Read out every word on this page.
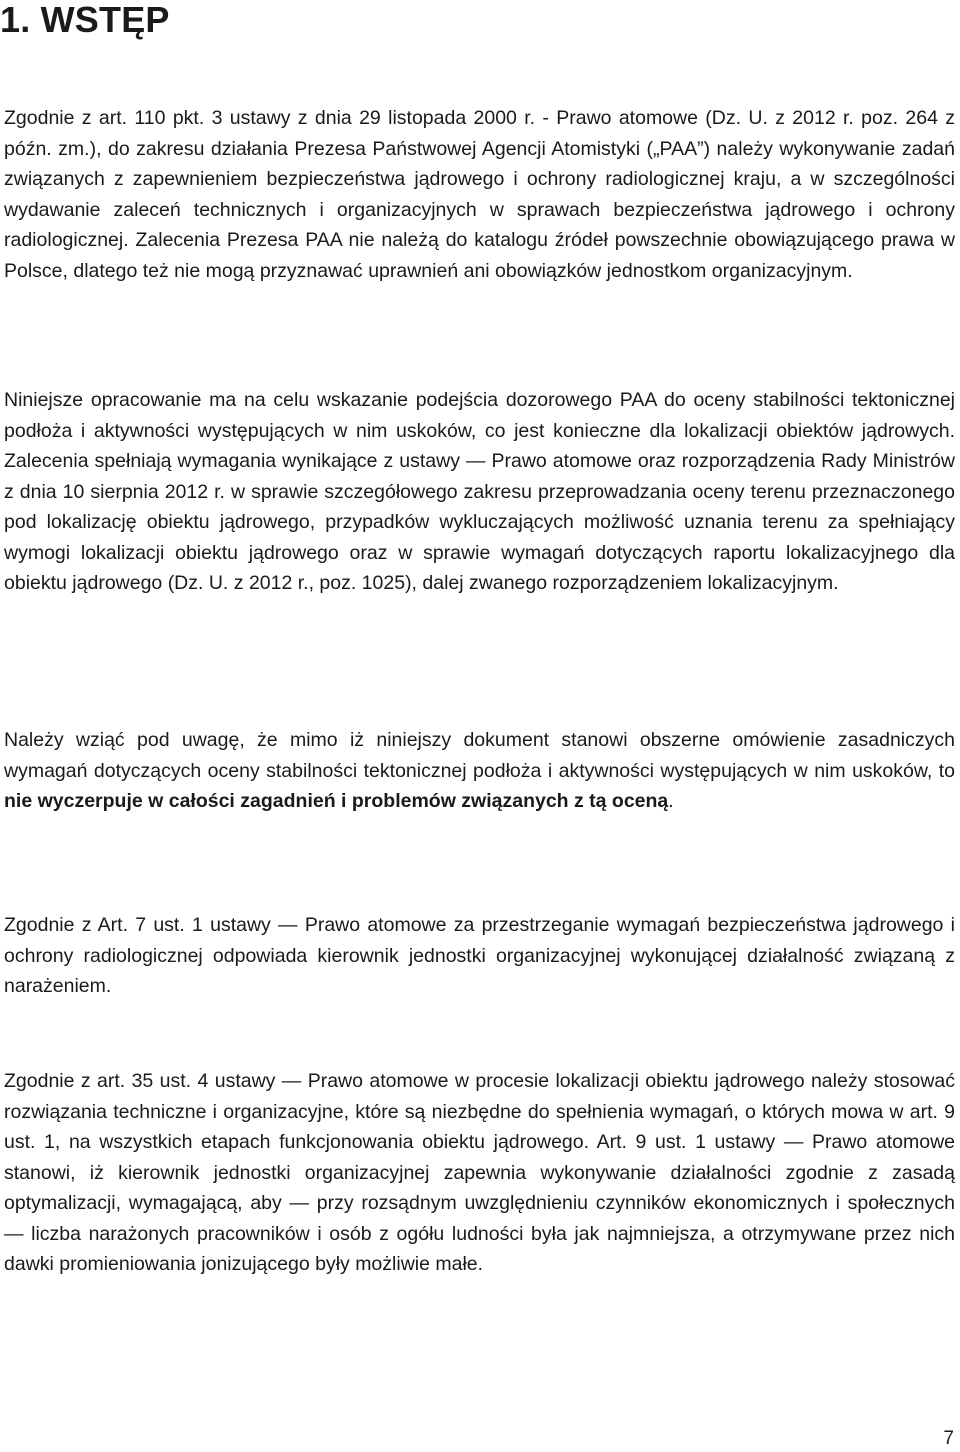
1. WSTĘP

Zgodnie z art. 110 pkt. 3 ustawy z dnia 29 listopada 2000 r. - Prawo atomowe (Dz. U. z 2012 r. poz. 264 z późn. zm.), do zakresu działania Prezesa Państwowej Agencji Atomistyki („PAA”) należy wykonywanie zadań związanych z zapewnieniem bezpieczeństwa jądrowego i ochrony radiologicznej kraju, a w szczególności wydawanie zaleceń technicznych i organizacyjnych w sprawach bezpieczeństwa jądrowego i ochrony radiologicznej. Zalecenia Prezesa PAA nie należą do katalogu źródeł powszechnie obowiązującego prawa w Polsce, dlatego też nie mogą przyznawać uprawnień ani obowiązków jednostkom organizacyjnym.

Niniejsze opracowanie ma na celu wskazanie podejścia dozorowego PAA do oceny stabilności tektonicznej podłoża i aktywności występujących w nim uskoków, co jest konieczne dla lokalizacji obiektów jądrowych. Zalecenia spełniają wymagania wynikające z ustawy — Prawo atomowe oraz rozporządzenia Rady Ministrów z dnia 10 sierpnia 2012 r. w sprawie szczegółowego zakresu przeprowadzania oceny terenu przeznaczonego pod lokalizację obiektu jądrowego, przypadków wykluczających możliwość uznania terenu za spełniający wymogi lokalizacji obiektu jądrowego oraz w sprawie wymagań dotyczących raportu lokalizacyjnego dla obiektu jądrowego (Dz. U. z 2012 r., poz. 1025), dalej zwanego rozporządzeniem lokalizacyjnym.

Należy wziąć pod uwagę, że mimo iż niniejszy dokument stanowi obszerne omówienie zasadniczych wymagań dotyczących oceny stabilności tektonicznej podłoża i aktywności występujących w nim uskoków, to nie wyczerpuje w całości zagadnień i problemów związanych z tą oceną.

Zgodnie z Art. 7 ust. 1 ustawy — Prawo atomowe za przestrzeganie wymagań bezpieczeństwa jądrowego i ochrony radiologicznej odpowiada kierownik jednostki organizacyjnej wykonującej działalność związaną z narażeniem.

Zgodnie z art. 35 ust. 4 ustawy — Prawo atomowe w procesie lokalizacji obiektu jądrowego należy stosować rozwiązania techniczne i organizacyjne, które są niezbędne do spełnienia wymagań, o których mowa w art. 9 ust. 1, na wszystkich etapach funkcjonowania obiektu jądrowego. Art. 9 ust. 1 ustawy — Prawo atomowe stanowi, iż kierownik jednostki organizacyjnej zapewnia wykonywanie działalności zgodnie z zasadą optymalizacji, wymagającą, aby — przy rozsądnym uwzględnieniu czynników ekonomicznych i społecznych — liczba narażonych pracowników i osób z ogółu ludności była jak najmniejsza, a otrzymywane przez nich dawki promieniowania jonizującego były możliwie małe.

7
